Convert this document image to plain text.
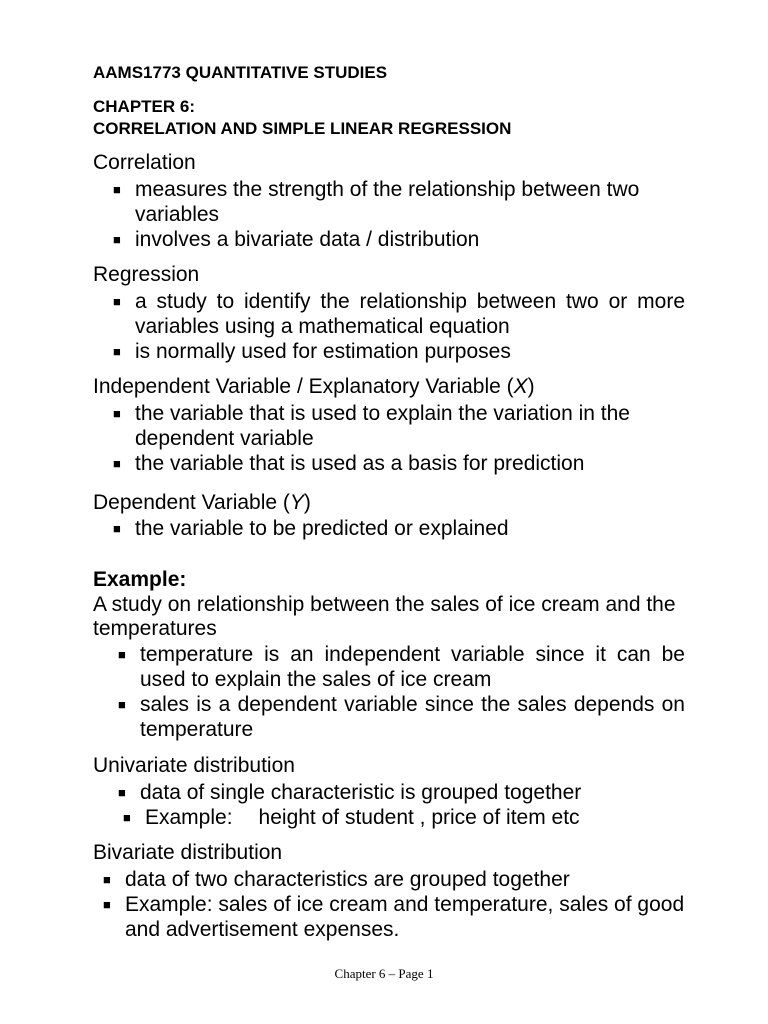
AAMS1773 QUANTITATIVE STUDIES
CHAPTER 6:
CORRELATION AND SIMPLE LINEAR REGRESSION
Correlation
■ measures the strength of the relationship between two variables
■ involves a bivariate data / distribution
Regression
■ a study to identify the relationship between two or more variables using a mathematical equation
■ is normally used for estimation purposes
Independent Variable / Explanatory Variable (X)
■ the variable that is used to explain the variation in the dependent variable
■ the variable that is used as a basis for prediction
Dependent Variable (Y)
■ the variable to be predicted or explained
Example:
A study on relationship between the sales of ice cream and the temperatures
■ temperature is an independent variable since it can be used to explain the sales of ice cream
■ sales is a dependent variable since the sales depends on temperature
Univariate distribution
■ data of single characteristic is grouped together
■ Example: height of student , price of item etc
Bivariate distribution
■ data of two characteristics are grouped together
■ Example: sales of ice cream and temperature, sales of good and advertisement expenses.
Chapter 6 – Page 1
